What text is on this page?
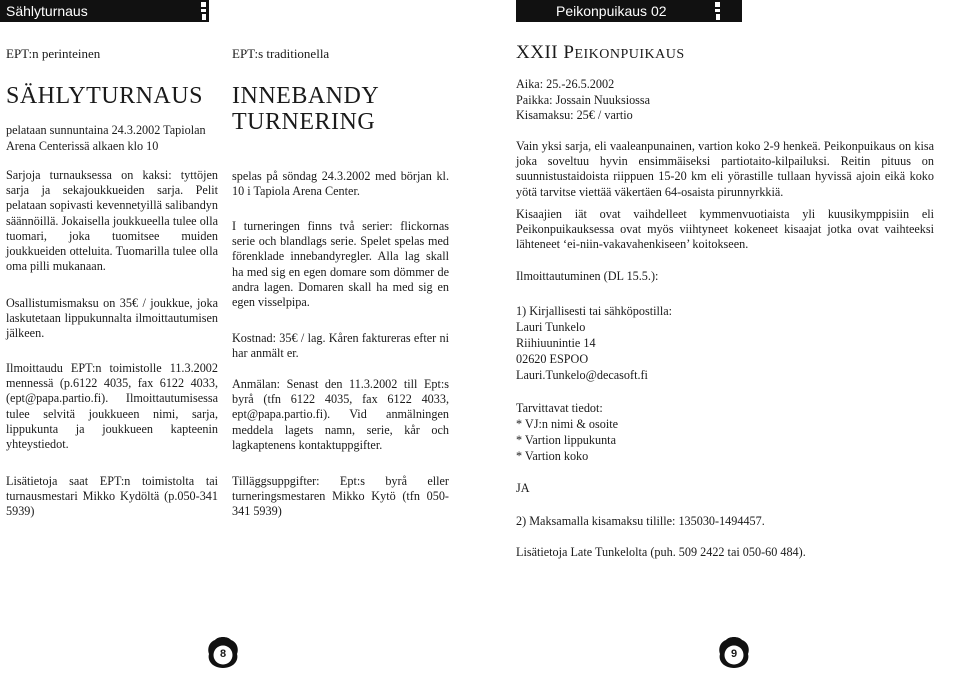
Sählyturnaus	Peikonpuikaus 02

EPT:n perinteinen

SÄHLYTURNAUS

pelataan sunnuntaina 24.3.2002 Tapiolan

Arena Centerissä alkaen klo 10

Sarjoja turnauksessa on kaksi: tyttöjen sarja ja sekajoukkueiden sarja. Pelit pelataan sopivasti kevennetyillä salibandyn säännöillä. Jokaisella joukkueella tulee olla tuomari, joka tuomitsee muiden joukkueiden otteluita. Tuomarilla tulee olla oma pilli mukanaan.

Osallistumismaksu on 35€ / joukkue, joka laskutetaan lippukunnalta ilmoittautumisen jälkeen.

Ilmoittaudu EPT:n toimistolle 11.3.2002 mennessä (p.6122 4035, fax 6122 4033, (ept@papa.partio.fi). Ilmoittautumisessa tulee selvitä joukkueen nimi, sarja, lippukunta ja joukkueen kapteenin yhteystiedot.

Lisätietoja saat EPT:n toimistolta tai turnausmestari Mikko Kydöltä (p.050-341 5939)

EPT:s traditionella

INNEBANDY
TURNERING

spelas på söndag 24.3.2002 med början kl. 10 i Tapiola Arena Center.

I turneringen finns två serier: flickornas serie och blandlags serie. Spelet spelas med förenklade innebandyregler. Alla lag skall ha med sig en egen domare som dömmer de andra lagen. Domaren skall ha med sig en egen visselpipa.

Kostnad: 35€ / lag. Kåren faktureras efter ni har anmält er.

Anmälan: Senast den 11.3.2002 till Ept:s byrå (tfn 6122 4035, fax 6122 4033, ept@papa.partio.fi). Vid anmälningen meddela lagets namn, serie, kår och lagkaptenens kontaktuppgifter.

Tilläggsuppgifter: Ept:s byrå eller turneringsmestaren Mikko Kytö (tfn 050-341 5939)

XXII PEIKONPUIKAUS

Aika: 25.-26.5.2002

Paikka: Jossain Nuuksiossa

Kisamaksu: 25€ / vartio

Vain yksi sarja, eli vaaleanpunainen, vartion koko 2-9 henkeä. Peikonpuikaus on kisa joka soveltuu hyvin ensimmäiseksi partiotaito-kilpailuksi. Reitin pituus on suunnistustaidoista riippuen 15-20 km eli yörastille tullaan hyvissä ajoin eikä koko yötä tarvitse viettää väkertäen 64-osaista pirunnyrkkiä.

Kisaajien iät ovat vaihdelleet kymmenvuotiaista yli kuusikymppisiin eli Peikonpuikauksessa ovat myös viihtyneet kokeneet kisaajat jotka ovat vaihteeksi lähteneet ‘ei-niin-vakavahenkiseen’ koitokseen.

Ilmoittautuminen (DL 15.5.):

1) Kirjallisesti tai sähköpostilla:

Lauri Tunkelo

Riihiuunintie 14

02620 ESPOO

Lauri.Tunkelo@decasoft.fi

Tarvittavat tiedot:

* VJ:n nimi & osoite

* Vartion lippukunta

* Vartion koko

JA

2) Maksamalla kisamaksu tilille: 135030-1494457.

Lisätietoja Late Tunkelolta (puh. 509 2422 tai 050-60 484).

8	9
